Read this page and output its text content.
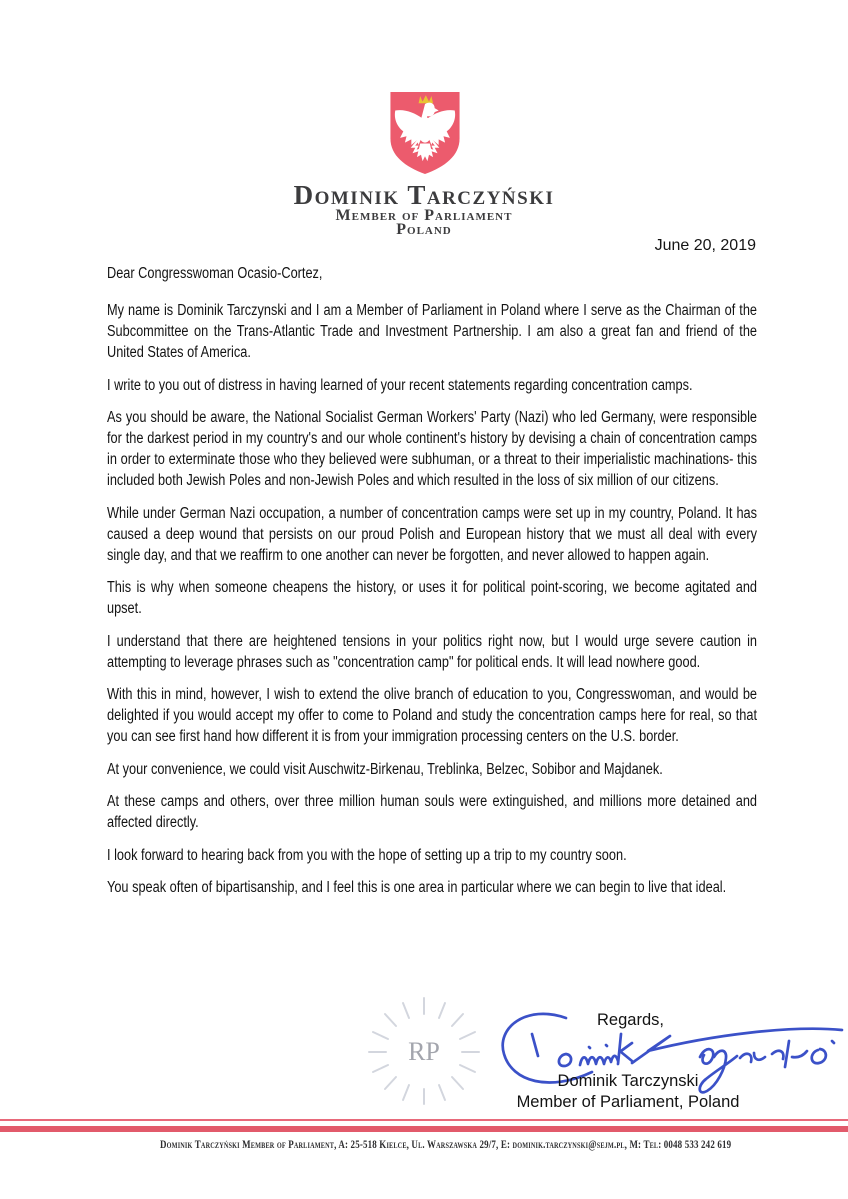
Dominik Tarczyński
Member of Parliament
Poland
June 20, 2019
Dear Congresswoman Ocasio-Cortez,

My name is Dominik Tarczynski and I am a Member of Parliament in Poland where I serve as the Chairman of the Subcommittee on the Trans-Atlantic Trade and Investment Partnership. I am also a great fan and friend of the United States of America.

I write to you out of distress in having learned of your recent statements regarding concentration camps.

As you should be aware, the National Socialist German Workers' Party (Nazi) who led Germany, were responsible for the darkest period in my country's and our whole continent's history by devising a chain of concentration camps in order to exterminate those who they believed were subhuman, or a threat to their imperialistic machinations- this included both Jewish Poles and non-Jewish Poles and which resulted in the loss of six million of our citizens.

While under German Nazi occupation, a number of concentration camps were set up in my country, Poland. It has caused a deep wound that persists on our proud Polish and European history that we must all deal with every single day, and that we reaffirm to one another can never be forgotten, and never allowed to happen again.

This is why when someone cheapens the history, or uses it for political point-scoring, we become agitated and upset.

I understand that there are heightened tensions in your politics right now, but I would urge severe caution in attempting to leverage phrases such as "concentration camp" for political ends. It will lead nowhere good.

With this in mind, however, I wish to extend the olive branch of education to you, Congresswoman, and would be delighted if you would accept my offer to come to Poland and study the concentration camps here for real, so that you can see first hand how different it is from your immigration processing centers on the U.S. border.

At your convenience, we could visit Auschwitz-Birkenau, Treblinka, Belzec, Sobibor and Majdanek.

At these camps and others, over three million human souls were extinguished, and millions more detained and affected directly.

I look forward to hearing back from you with the hope of setting up a trip to my country soon.

You speak often of bipartisanship, and I feel this is one area in particular where we can begin to live that ideal.

RP
Regards,
Dominik Tarczynski
Member of Parliament, Poland
Dominik Tarczyński Member of Parliament, A: 25-518 Kielce, Ul. Warszawska 29/7, E: dominik.tarczynski@sejm.pl, M: Tel: 0048 533 242 619
